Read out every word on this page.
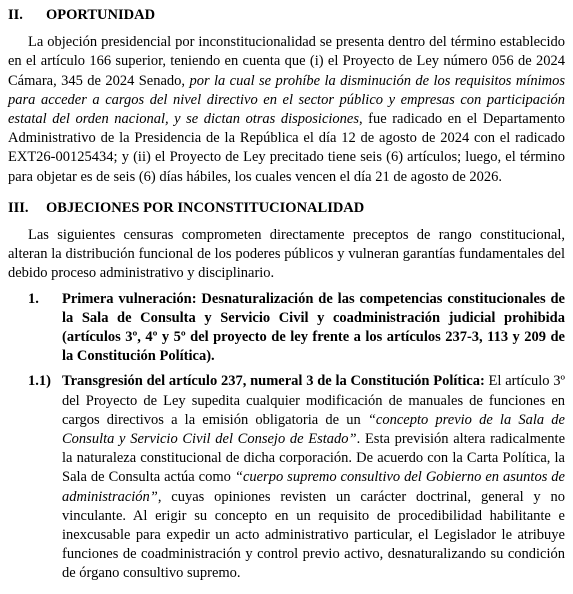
II.	OPORTUNIDAD

La objeción presidencial por inconstitucionalidad se presenta dentro del término establecido en el artículo 166 superior, teniendo en cuenta que (i) el Proyecto de Ley número 056 de 2024 Cámara, 345 de 2024 Senado, por la cual se prohíbe la disminución de los requisitos mínimos para acceder a cargos del nivel directivo en el sector público y empresas con participación estatal del orden nacional, y se dictan otras disposiciones, fue radicado en el Departamento Administrativo de la Presidencia de la República el día 12 de agosto de 2024 con el radicado EXT26-00125434; y (ii) el Proyecto de Ley precitado tiene seis (6) artículos; luego, el término para objetar es de seis (6) días hábiles, los cuales vencen el día 21 de agosto de 2026.

III.	OBJECIONES POR INCONSTITUCIONALIDAD

Las siguientes censuras comprometen directamente preceptos de rango constitucional, alteran la distribución funcional de los poderes públicos y vulneran garantías fundamentales del debido proceso administrativo y disciplinario.

1.	Primera vulneración: Desnaturalización de las competencias constitucionales de la Sala de Consulta y Servicio Civil y coadministración judicial prohibida (artículos 3º, 4º y 5º del proyecto de ley frente a los artículos 237-3, 113 y 209 de la Constitución Política).
1.1) Transgresión del artículo 237, numeral 3 de la Constitución Política: El artículo 3º del Proyecto de Ley supedita cualquier modificación de manuales de funciones en cargos directivos a la emisión obligatoria de un “concepto previo de la Sala de Consulta y Servicio Civil del Consejo de Estado”. Esta previsión altera radicalmente la naturaleza constitucional de dicha corporación. De acuerdo con la Carta Política, la Sala de Consulta actúa como “cuerpo supremo consultivo del Gobierno en asuntos de administración”, cuyas opiniones revisten un carácter doctrinal, general y no vinculante. Al erigir su concepto en un requisito de procedibilidad habilitante e inexcusable para expedir un acto administrativo particular, el Legislador le atribuye funciones de coadministración y control previo activo, desnaturalizando su condición de órgano consultivo supremo.
